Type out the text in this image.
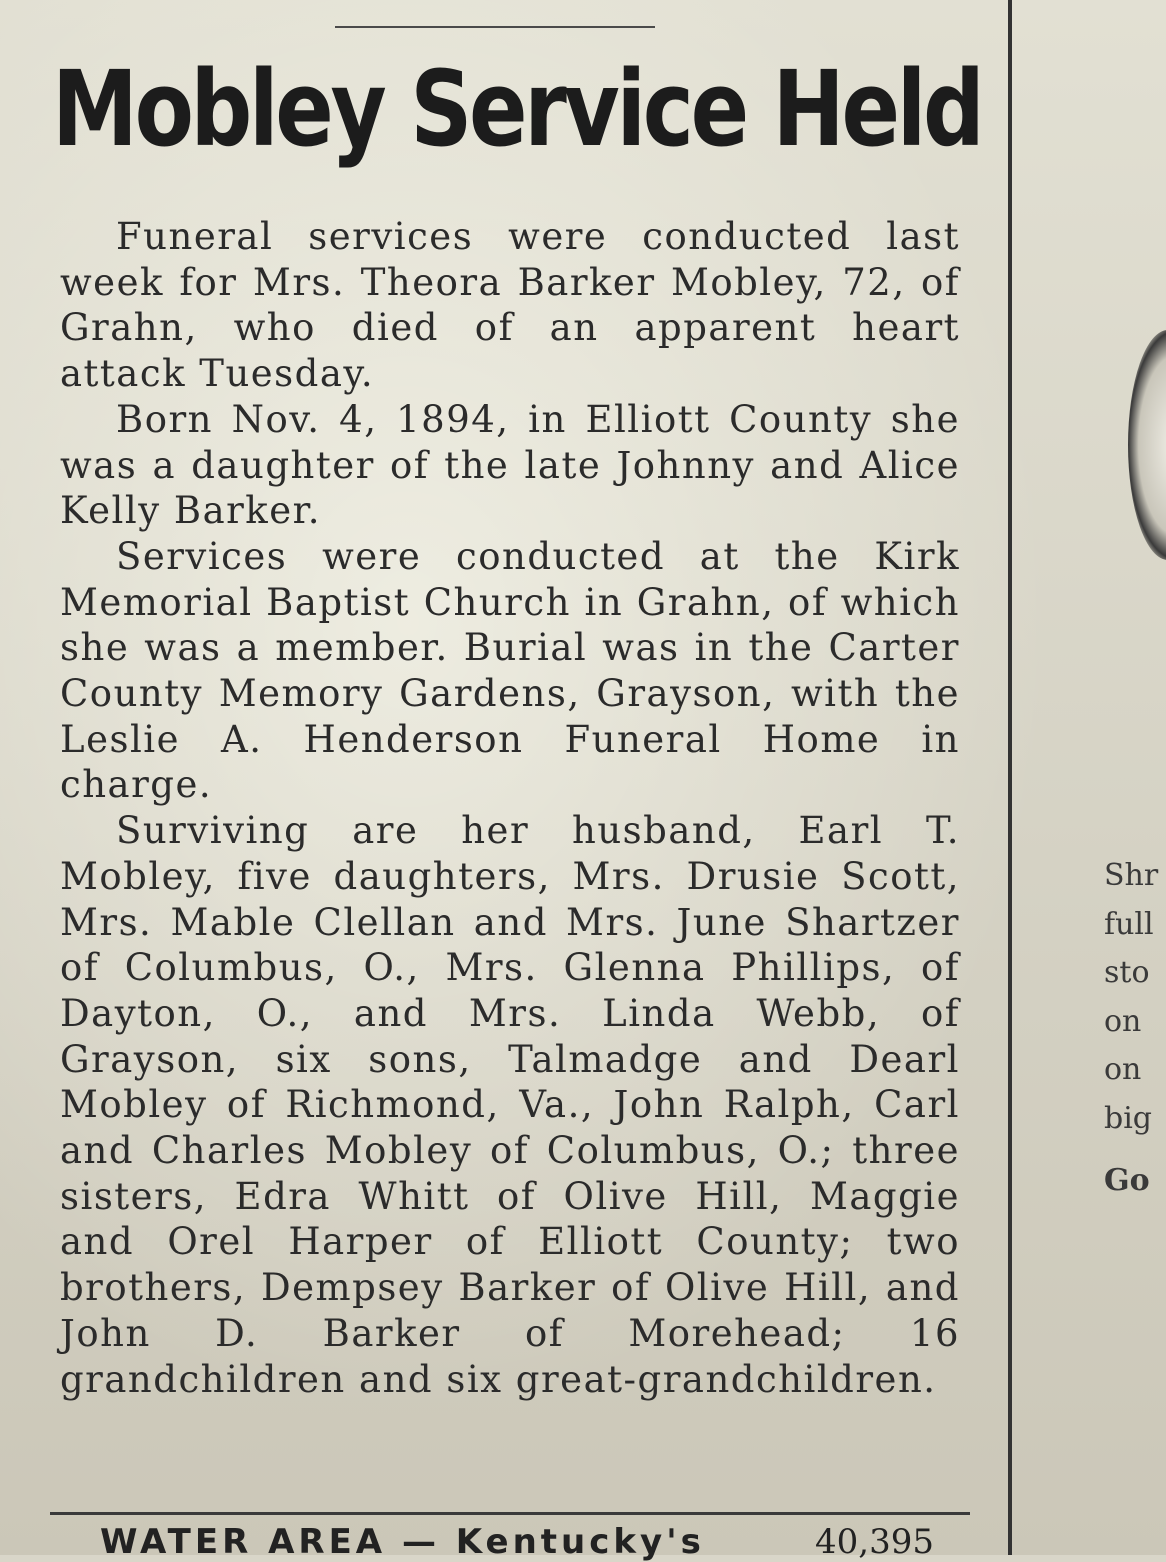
Mobley Service Held

Funeral services were conducted last week for Mrs. Theora Barker Mobley, 72, of Grahn, who died of an apparent heart attack Tuesday.

Born Nov. 4, 1894, in Elliott County she was a daughter of the late Johnny and Alice Kelly Barker.

Services were conducted at the Kirk Memorial Baptist Church in Grahn, of which she was a member. Burial was in the Carter County Memory Gardens, Grayson, with the Leslie A. Henderson Funeral Home in charge.

Surviving are her husband, Earl T. Mobley, five daughters, Mrs. Drusie Scott, Mrs. Mable Clellan and Mrs. June Shartzer of Columbus, O., Mrs. Glenna Phillips, of Dayton, O., and Mrs. Linda Webb, of Grayson, six sons, Talmadge and Dearl Mobley of Richmond, Va., John Ralph, Carl and Charles Mobley of Columbus, O.; three sisters, Edra Whitt of Olive Hill, Maggie and Orel Harper of Elliott County; two brothers, Dempsey Barker of Olive Hill, and John D. Barker of Morehead; 16 grandchildren and six great-grandchildren.

WATER AREA — Kentucky's	40,395
Shr
full
sto
on
on
big
Go
